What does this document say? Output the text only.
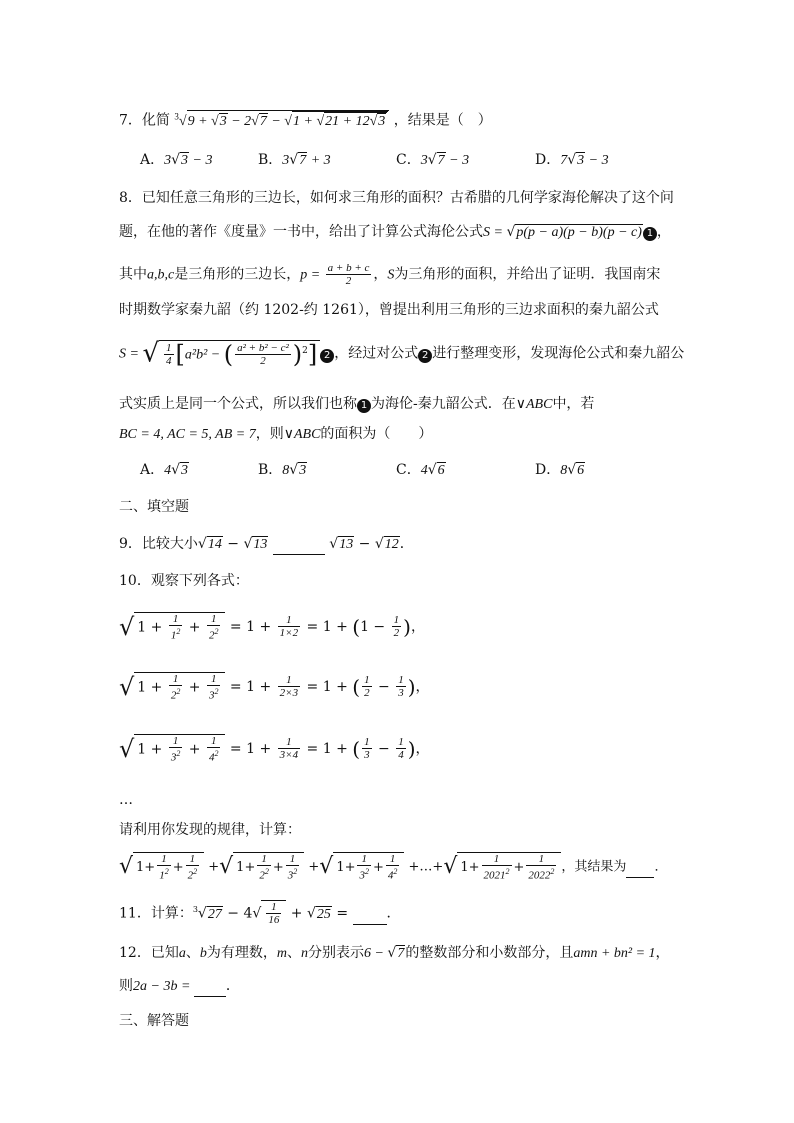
7．化简 $^3$√9 + √3 − 2√7 − √1 + √21 + 12√3 ，结果是（　）
A．3√3 − 3	B．3√7 + 3	C．3√7 − 3	D．7√3 − 3
8．已知任意三角形的三边长，如何求三角形的面积？古希腊的几何学家海伦解决了这个问
题，在他的著作《度量》一书中，给出了计算公式海伦公式S = √p(p − a)(p − b)(p − c) 1 ，
其中a,b,c是三角形的三边长，$p = \frac{a + b + c}{2}$ ，S为三角形的面积，并给出了证明．我国南宋
时期数学家秦九韶（约 1202-约 1261），曾提出利用三角形的三边求面积的秦九韶公式
S = √ $\frac{1}{4} [a^2b^2$ − ( $\frac{\text{a² + b² − c²}}{2} )^2$] 2 ，经过对公式 2 进行整理变形，发现海伦公式和秦九韶公
式实质上是同一个公式，所以我们也称 1 为海伦-秦九韶公式．在∨ABC中，若
BC = 4, AC = 5, AB = 7，则∨ABC的面积为（　　）
A．4√3	B．8√3	C．4√6	D．8√6
二、填空题
9．比较大小√14 − √13	√13 − √12．
10．观察下列各式：
√ $1 + \frac{1}{1^2} + \frac{1}{2^2} = 1 + \frac{1}{1\times 2} = 1 + (1 - \frac{1}{2}$ )，
√ $1 + \frac{1}{2^2} + \frac{1}{3^2} = 1 + \frac{1}{2\times 3} = 1$ + ( $\frac{1}{2} - \frac{1}{3}$ )，
√ $1 + \frac{1}{3^2} + \frac{1}{4^2} = 1 + \frac{1}{3\times 4} = 1$ + ( $\frac{1}{3} - \frac{1}{4}$ )，
…
请利用你发现的规律，计算：
√ $1+ \frac{1}{1^2} + \frac{1}{2^2}$ +√ $1+ \frac{1}{2^2} + \frac{1}{3^2}$ +√ $1+ \frac{1}{3^2} + \frac{1}{4^2}$ +…+√ $1+ \frac{1}{2021^2} + \frac{1}{2022^2}$ ，其结果为 ．
11．计算：$^3√27 - 4√ \frac{1}{16} + √25$ =  ．
12．已知a、b为有理数，m、n分别表示6 − √7的整数部分和小数部分，且amn + bn² = 1，
则2a − 3b =  ．
三、解答题
